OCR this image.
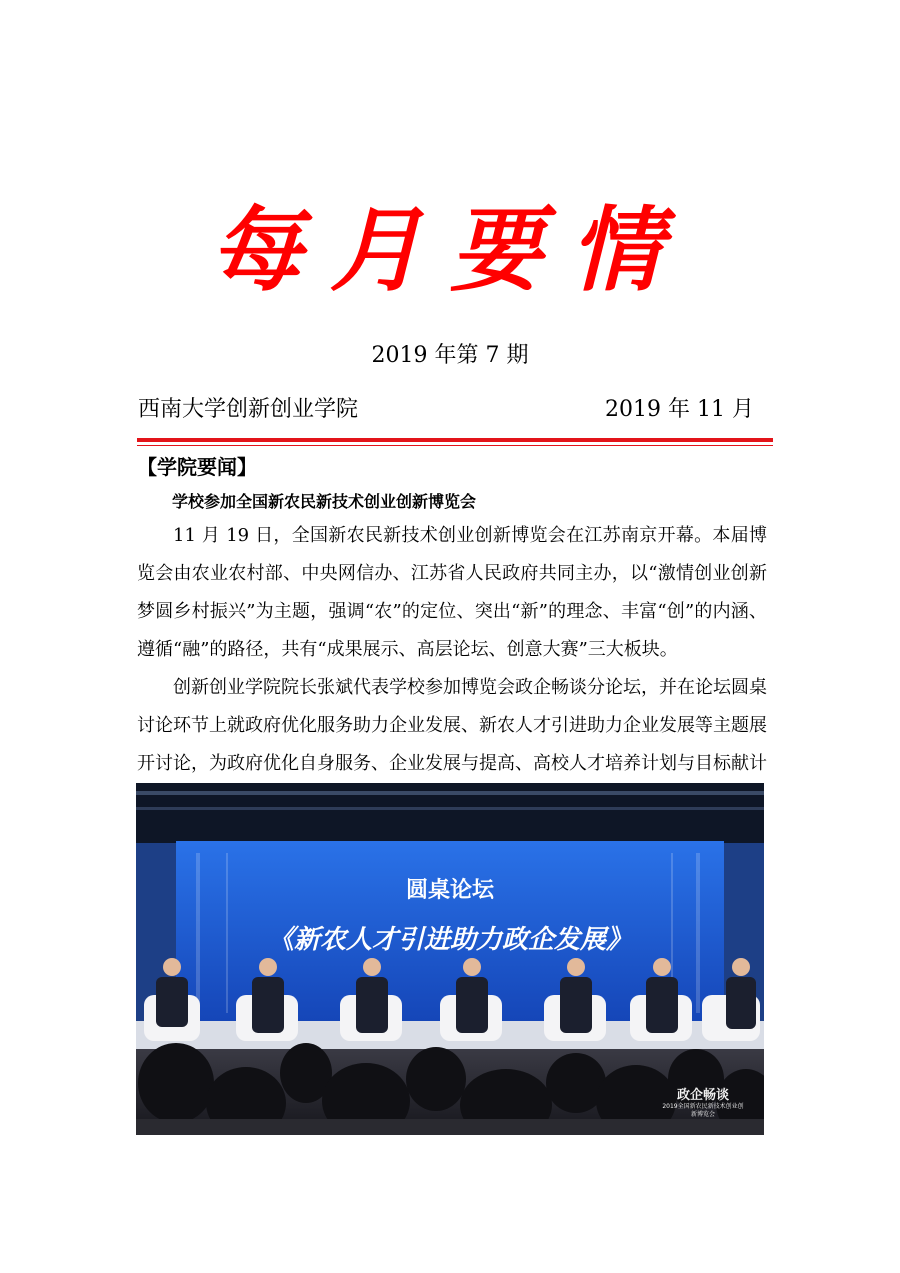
每月要情
2019 年第 7 期
西南大学创新创业学院	2019 年 11 月
【学院要闻】
学校参加全国新农民新技术创业创新博览会

11 月 19 日，全国新农民新技术创业创新博览会在江苏南京开幕。本届博览会由农业农村部、中央网信办、江苏省人民政府共同主办，以“激情创业创新 梦圆乡村振兴”为主题，强调“农”的定位、突出“新”的理念、丰富“创”的内涵、遵循“融”的路径，共有“成果展示、高层论坛、创意大赛”三大板块。

创新创业学院院长张斌代表学校参加博览会政企畅谈分论坛，并在论坛圆桌讨论环节上就政府优化服务助力企业发展、新农人才引进助力企业发展等主题展开讨论，为政府优化自身服务、企业发展与提高、高校人才培养计划与目标献计

圆桌论坛
《新农人才引进助力政企发展》
政企畅谈
2019全国新农民新技术创业创新博览会
